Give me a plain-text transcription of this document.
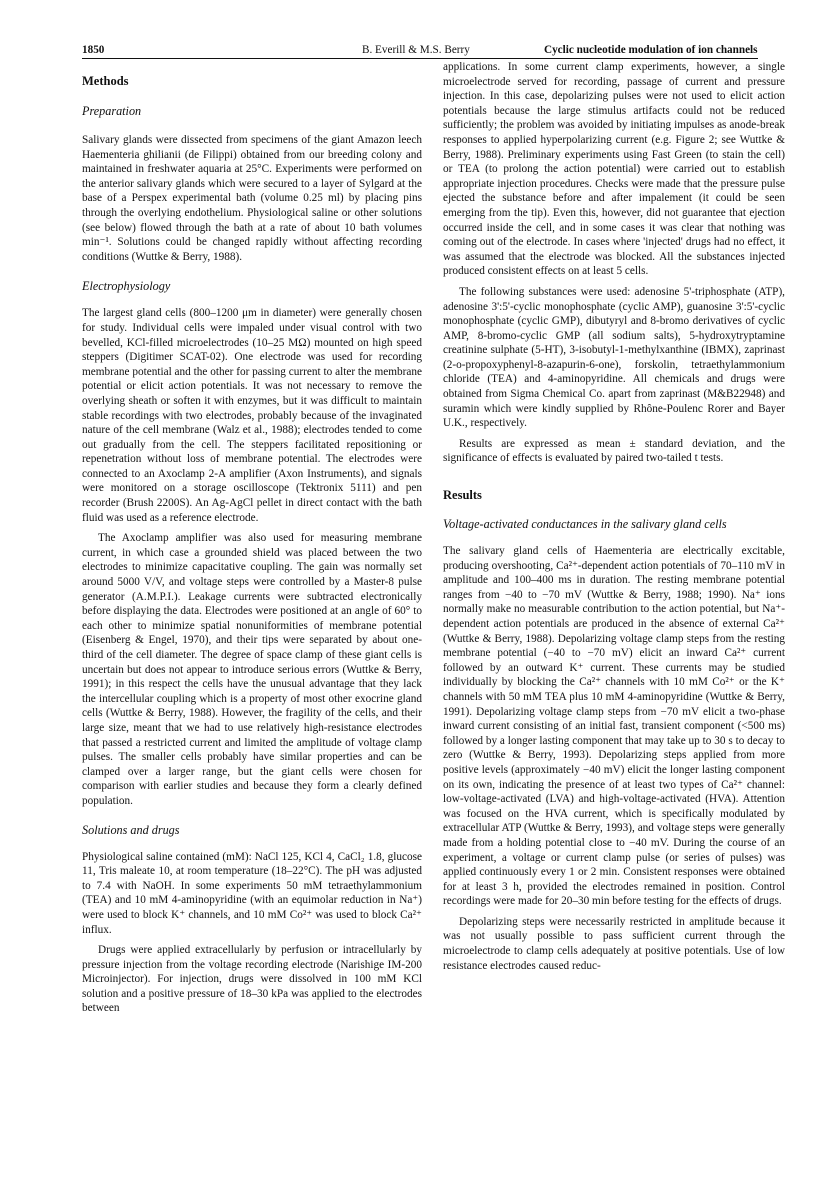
1850	B. Everill & M.S. Berry	Cyclic nucleotide modulation of ion channels
Methods
Preparation

Salivary glands were dissected from specimens of the giant Amazon leech Haementeria ghilianii (de Filippi) obtained from our breeding colony and maintained in freshwater aquaria at 25°C. Experiments were performed on the anterior salivary glands which were secured to a layer of Sylgard at the base of a Perspex experimental bath (volume 0.25 ml) by placing pins through the overlying endothelium. Physiological saline or other solutions (see below) flowed through the bath at a rate of about 10 bath volumes min⁻¹. Solutions could be changed rapidly without affecting recording conditions (Wuttke & Berry, 1988).

Electrophysiology

The largest gland cells (800–1200 μm in diameter) were generally chosen for study. Individual cells were impaled under visual control with two bevelled, KCl-filled microelectrodes (10–25 MΩ) mounted on high speed steppers (Digitimer SCAT-02). One electrode was used for recording membrane potential and the other for passing current to alter the membrane potential or elicit action potentials. It was not necessary to remove the overlying sheath or soften it with enzymes, but it was difficult to maintain stable recordings with two electrodes, probably because of the invaginated nature of the cell membrane (Walz et al., 1988); electrodes tended to come out gradually from the cell. The steppers facilitated repositioning or repenetration without loss of membrane potential. The electrodes were connected to an Axoclamp 2-A amplifier (Axon Instruments), and signals were monitored on a storage oscilloscope (Tektronix 5111) and pen recorder (Brush 2200S). An Ag-AgCl pellet in direct contact with the bath fluid was used as a reference electrode.

The Axoclamp amplifier was also used for measuring membrane current, in which case a grounded shield was placed between the two electrodes to minimize capacitative coupling. The gain was normally set around 5000 V/V, and voltage steps were controlled by a Master-8 pulse generator (A.M.P.I.). Leakage currents were subtracted electronically before displaying the data. Electrodes were positioned at an angle of 60° to each other to minimize spatial nonuniformities of membrane potential (Eisenberg & Engel, 1970), and their tips were separated by about one-third of the cell diameter. The degree of space clamp of these giant cells is uncertain but does not appear to introduce serious errors (Wuttke & Berry, 1991); in this respect the cells have the unusual advantage that they lack the intercellular coupling which is a property of most other exocrine gland cells (Wuttke & Berry, 1988). However, the fragility of the cells, and their large size, meant that we had to use relatively high-resistance electrodes that passed a restricted current and limited the amplitude of voltage clamp pulses. The smaller cells probably have similar properties and can be clamped over a larger range, but the giant cells were chosen for comparison with earlier studies and because they form a clearly defined population.

Solutions and drugs

Physiological saline contained (mM): NaCl 125, KCl 4, CaCl₂ 1.8, glucose 11, Tris maleate 10, at room temperature (18–22°C). The pH was adjusted to 7.4 with NaOH. In some experiments 50 mM tetraethylammonium (TEA) and 10 mM 4-aminopyridine (with an equimolar reduction in Na⁺) were used to block K⁺ channels, and 10 mM Co²⁺ was used to block Ca²⁺ influx.

Drugs were applied extracellularly by perfusion or intracellularly by pressure injection from the voltage recording electrode (Narishige IM-200 Microinjector). For injection, drugs were dissolved in 100 mM KCl solution and a positive pressure of 18–30 kPa was applied to the electrodes between

applications. In some current clamp experiments, however, a single microelectrode served for recording, passage of current and pressure injection. In this case, depolarizing pulses were not used to elicit action potentials because the large stimulus artifacts could not be reduced sufficiently; the problem was avoided by initiating impulses as anode-break responses to applied hyperpolarizing current (e.g. Figure 2; see Wuttke & Berry, 1988). Preliminary experiments using Fast Green (to stain the cell) or TEA (to prolong the action potential) were carried out to establish appropriate injection procedures. Checks were made that the pressure pulse ejected the substance before and after impalement (it could be seen emerging from the tip). Even this, however, did not guarantee that ejection occurred inside the cell, and in some cases it was clear that nothing was coming out of the electrode. In cases where 'injected' drugs had no effect, it was assumed that the electrode was blocked. All the substances injected produced consistent effects on at least 5 cells.

The following substances were used: adenosine 5'-triphosphate (ATP), adenosine 3':5'-cyclic monophosphate (cyclic AMP), guanosine 3':5'-cyclic monophosphate (cyclic GMP), dibutyryl and 8-bromo derivatives of cyclic AMP, 8-bromo-cyclic GMP (all sodium salts), 5-hydroxytryptamine creatinine sulphate (5-HT), 3-isobutyl-1-methylxanthine (IBMX), zaprinast (2-o-propoxyphenyl-8-azapurin-6-one), forskolin, tetraethylammonium chloride (TEA) and 4-aminopyridine. All chemicals and drugs were obtained from Sigma Chemical Co. apart from zaprinast (M&B22948) and suramin which were kindly supplied by Rhône-Poulenc Rorer and Bayer U.K., respectively.

Results are expressed as mean ± standard deviation, and the significance of effects is evaluated by paired two-tailed t tests.

Results
Voltage-activated conductances in the salivary gland cells

The salivary gland cells of Haementeria are electrically excitable, producing overshooting, Ca²⁺-dependent action potentials of 70–110 mV in amplitude and 100–400 ms in duration. The resting membrane potential ranges from −40 to −70 mV (Wuttke & Berry, 1988; 1990). Na⁺ ions normally make no measurable contribution to the action potential, but Na⁺-dependent action potentials are produced in the absence of external Ca²⁺ (Wuttke & Berry, 1988). Depolarizing voltage clamp steps from the resting membrane potential (−40 to −70 mV) elicit an inward Ca²⁺ current followed by an outward K⁺ current. These currents may be studied individually by blocking the Ca²⁺ channels with 10 mM Co²⁺ or the K⁺ channels with 50 mM TEA plus 10 mM 4-aminopyridine (Wuttke & Berry, 1991). Depolarizing voltage clamp steps from −70 mV elicit a two-phase inward current consisting of an initial fast, transient component (<500 ms) followed by a longer lasting component that may take up to 30 s to decay to zero (Wuttke & Berry, 1993). Depolarizing steps applied from more positive levels (approximately −40 mV) elicit the longer lasting component on its own, indicating the presence of at least two types of Ca²⁺ channel: low-voltage-activated (LVA) and high-voltage-activated (HVA). Attention was focused on the HVA current, which is specifically modulated by extracellular ATP (Wuttke & Berry, 1993), and voltage steps were generally made from a holding potential close to −40 mV. During the course of an experiment, a voltage or current clamp pulse (or series of pulses) was applied continuously every 1 or 2 min. Consistent responses were obtained for at least 3 h, provided the electrodes remained in position. Control recordings were made for 20–30 min before testing for the effects of drugs.

Depolarizing steps were necessarily restricted in amplitude because it was not usually possible to pass sufficient current through the microelectrode to clamp cells adequately at positive potentials. Use of low resistance electrodes caused reduc-
